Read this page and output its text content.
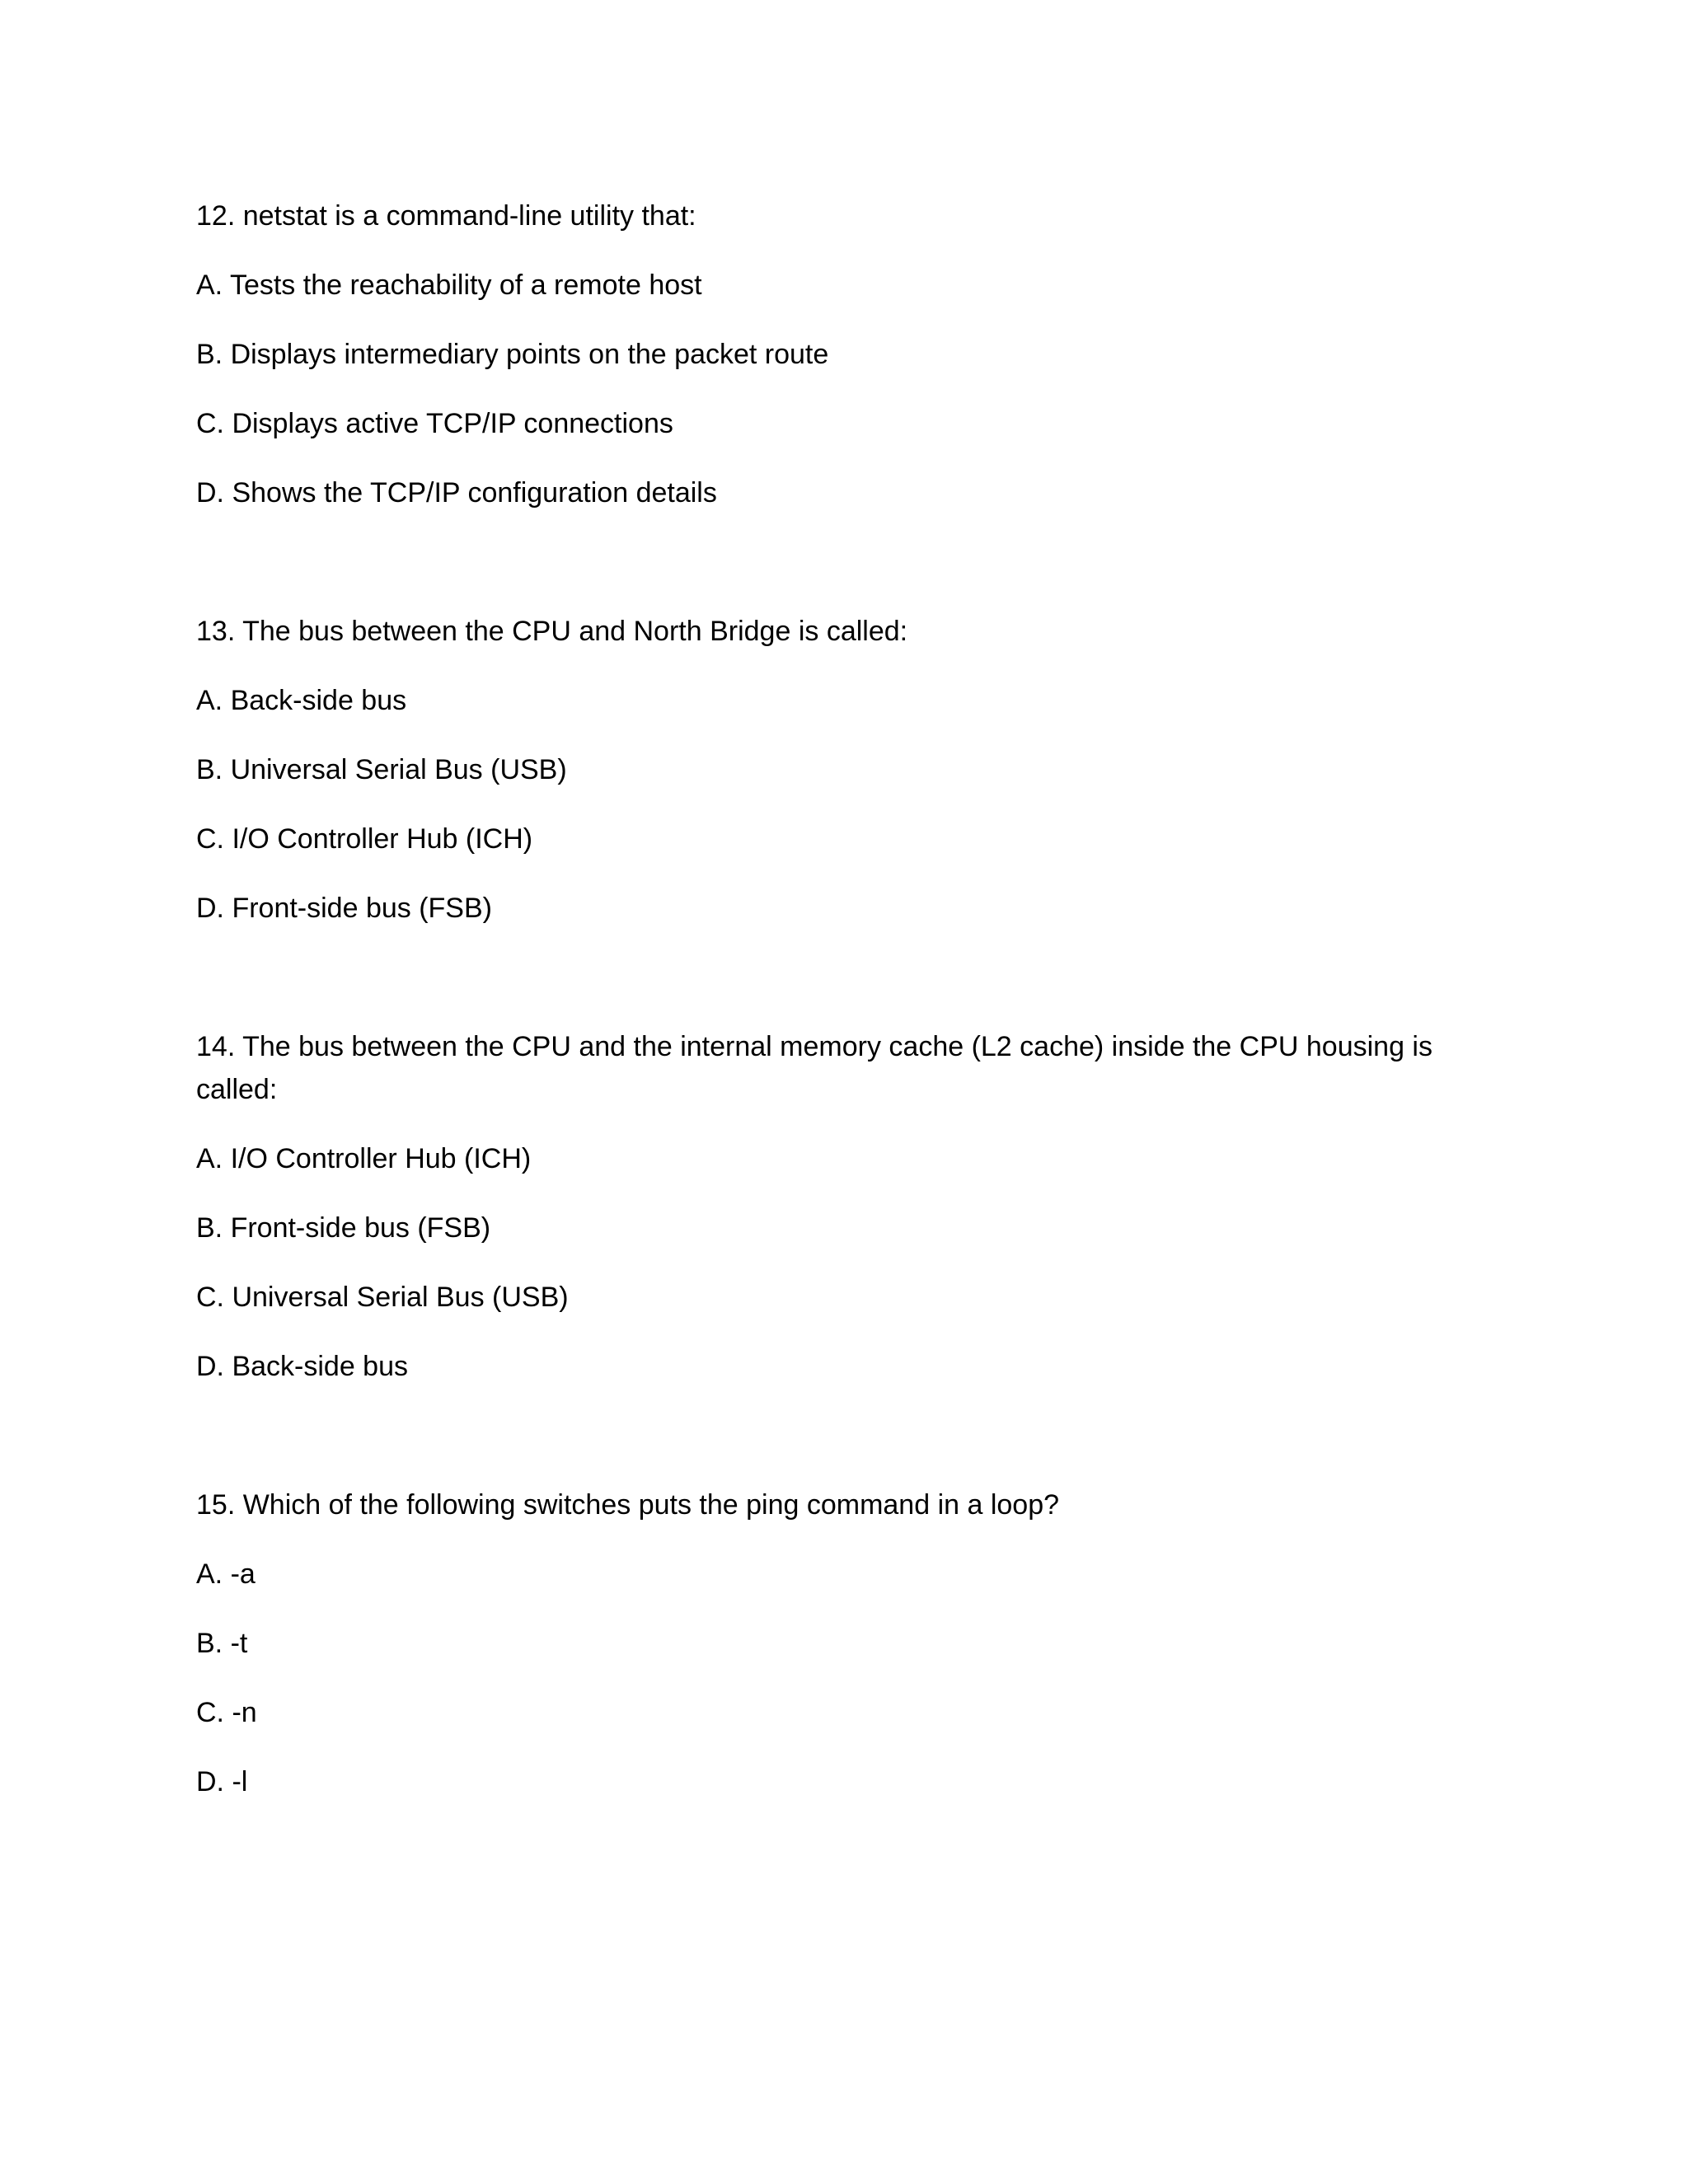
12. netstat is a command-line utility that:

A. Tests the reachability of a remote host

B. Displays intermediary points on the packet route

C. Displays active TCP/IP connections

D. Shows the TCP/IP configuration details

13. The bus between the CPU and North Bridge is called:

A. Back-side bus

B. Universal Serial Bus (USB)

C. I/O Controller Hub (ICH)

D. Front-side bus (FSB)

14. The bus between the CPU and the internal memory cache (L2 cache) inside the CPU housing is called:

A. I/O Controller Hub (ICH)

B. Front-side bus (FSB)

C. Universal Serial Bus (USB)

D. Back-side bus

15. Which of the following switches puts the ping command in a loop?

A. -a

B. -t

C. -n

D. -l
